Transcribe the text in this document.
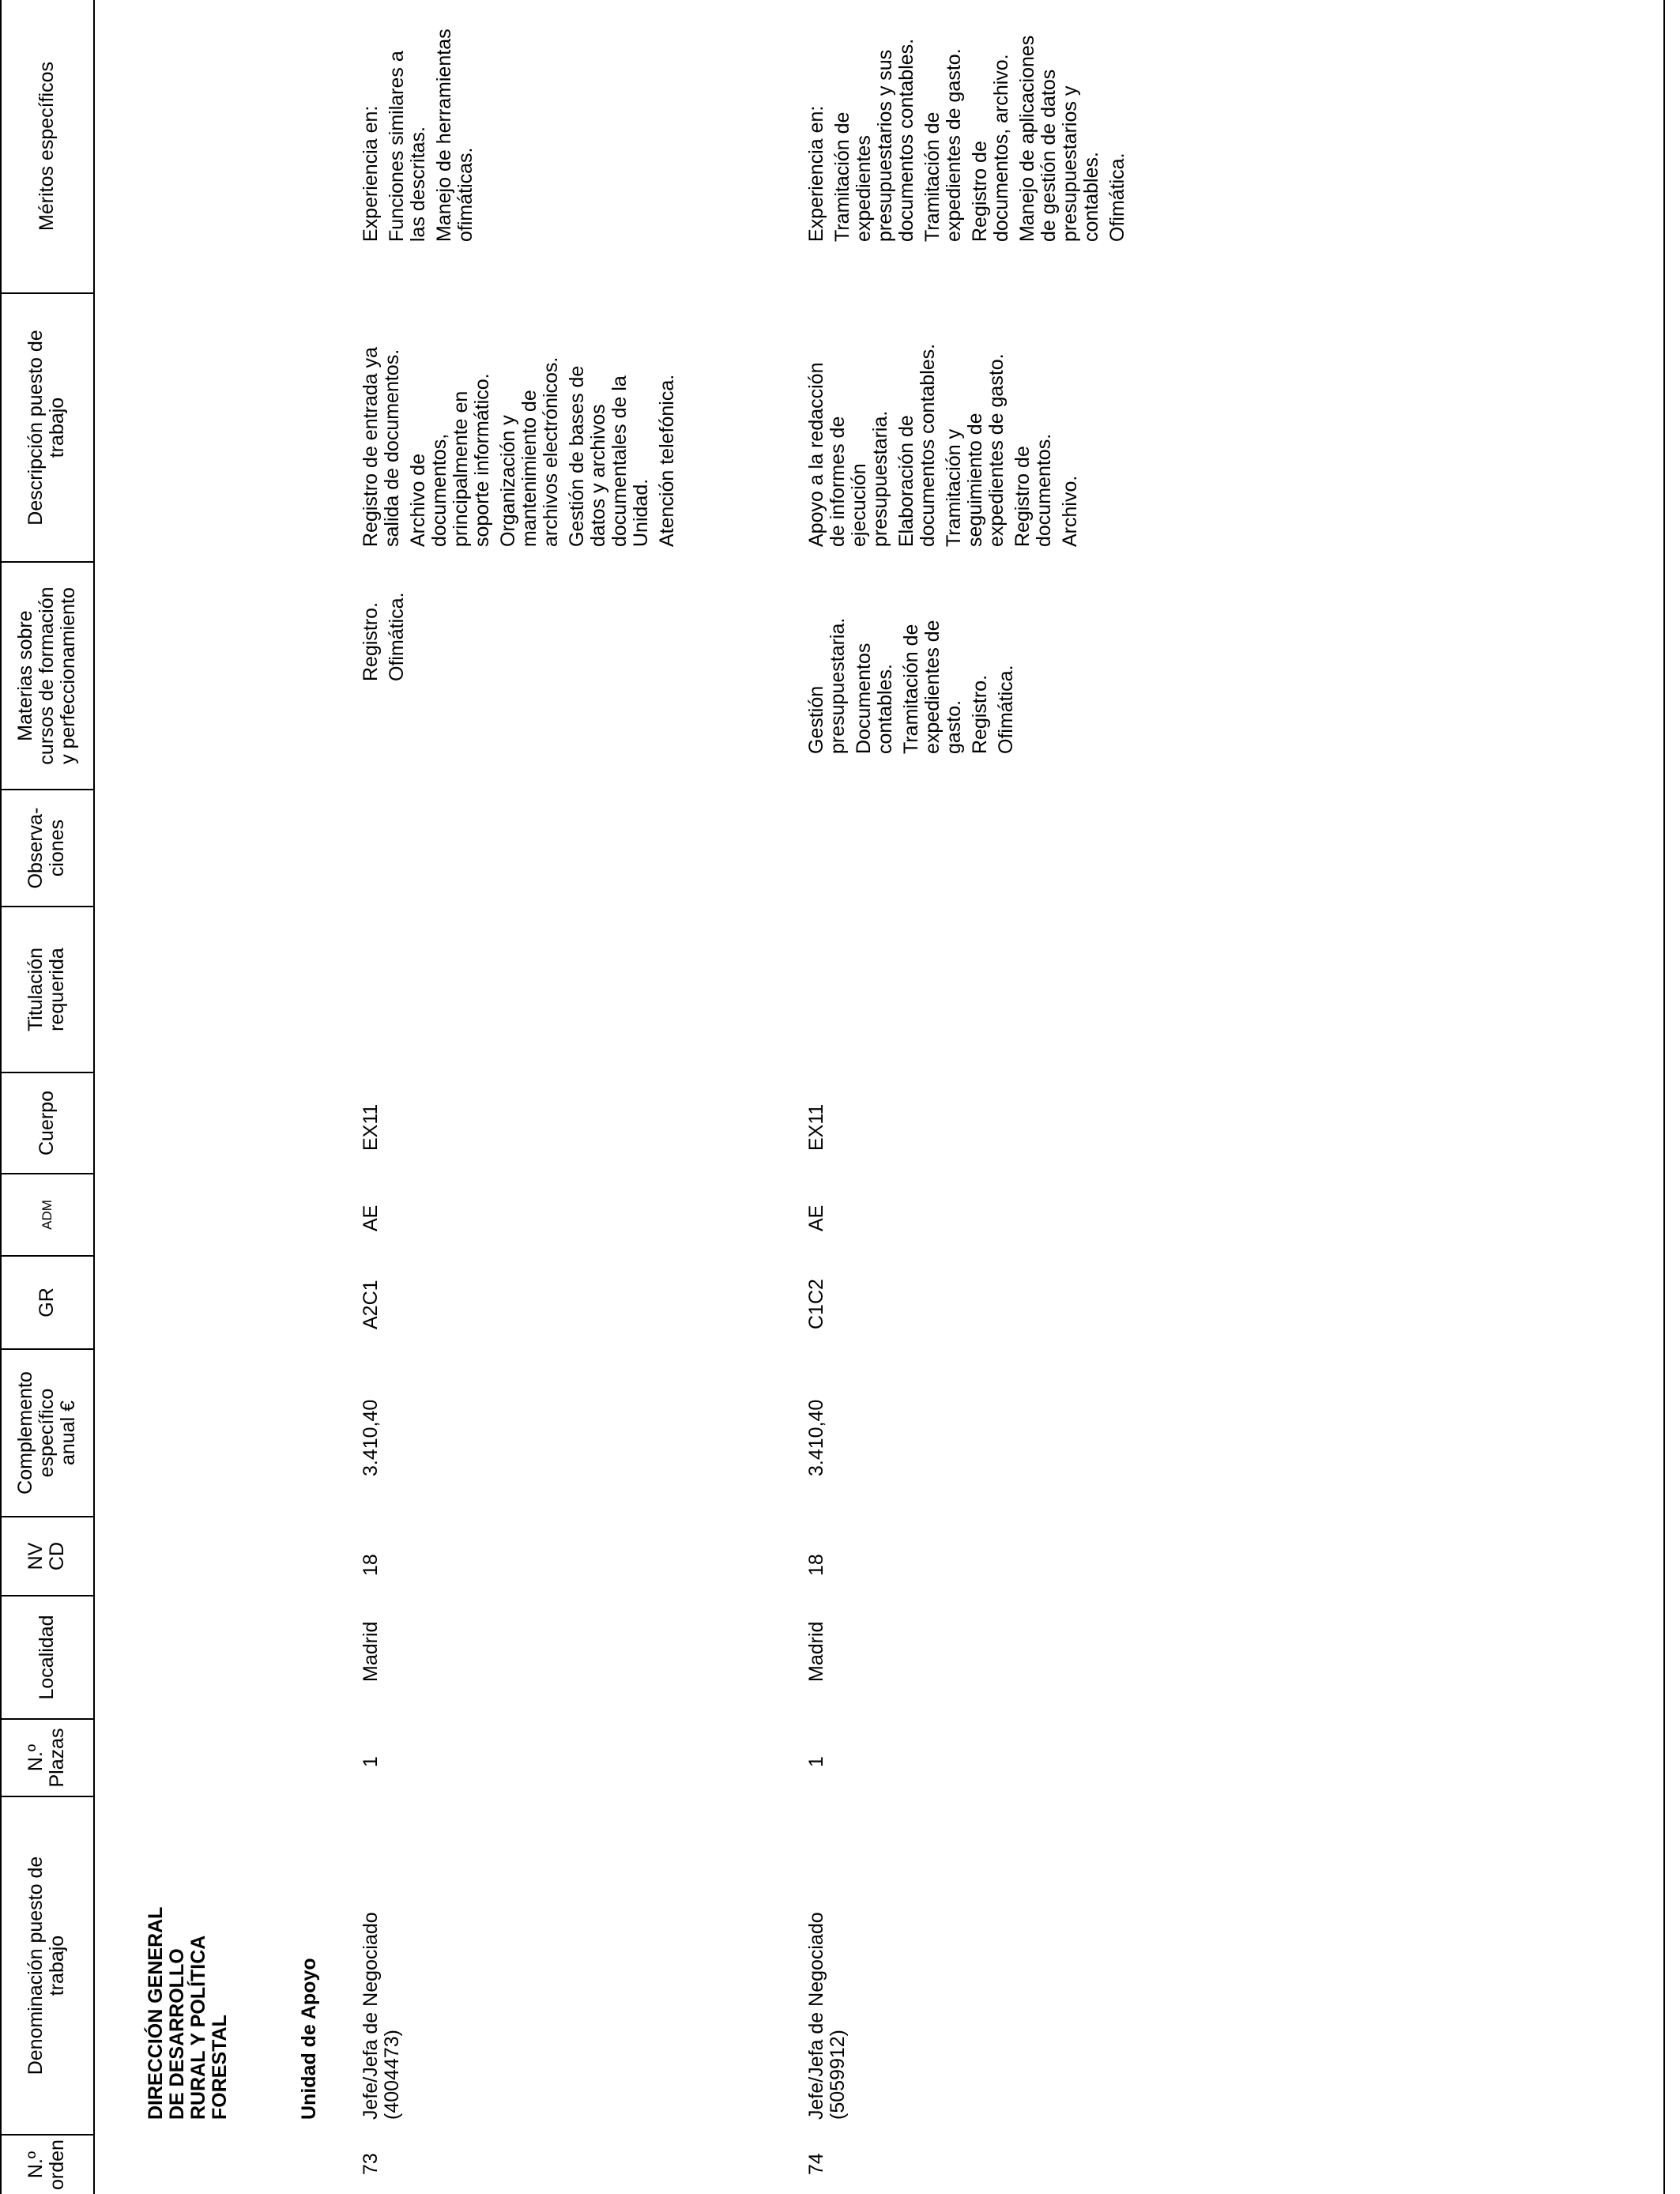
N.º orden
Denominación puesto de trabajo
N.º Plazas
Localidad
NV CD
Complemento específico anual €
GR
ADM
Cuerpo
Titulación requerida
Observa- ciones
Materias sobre cursos de formación y perfeccionamiento
Descripción puesto de trabajo
Méritos específicos
DIRECCIÓN GENERAL DE DESARROLLO RURAL Y POLÍTICA FORESTAL	Unidad de Apoyo
73
Jefe/Jefa de Negociado (4004473)
1
Madrid
18
3.410,40
A2C1
AE
EX11
Registro. Ofimática.
Registro de entrada ya
salida de documentos. Archivo de
documentos,
principalmente en
soporte informático. Organización y
mantenimiento de
archivos electrónicos. Gestión de bases de
datos y archivos
documentales de la
Unidad. Atención telefónica.
Experiencia en: Funciones similares a
las descritas. Manejo de herramientas
ofimáticas.
74
Jefe/Jefa de Negociado (5059912)
1
Madrid
18
3.410,40
C1C2
AE
EX11
Gestión presupuestaria. Documentos contables. Tramitación de expedientes de gasto. Registro. Ofimática.
Apoyo a la redacción
de informes de
ejecución
presupuestaria. Elaboración de
documentos contables. Tramitación y
seguimiento de
expedientes de gasto. Registro de
documentos. Archivo.
Experiencia en: Tramitación de
expedientes
presupuestarios y sus
documentos contables. Tramitación de
expedientes de gasto. Registro de
documentos, archivo. Manejo de aplicaciones
de gestión de datos
presupuestarios y
contables. Ofimática.
